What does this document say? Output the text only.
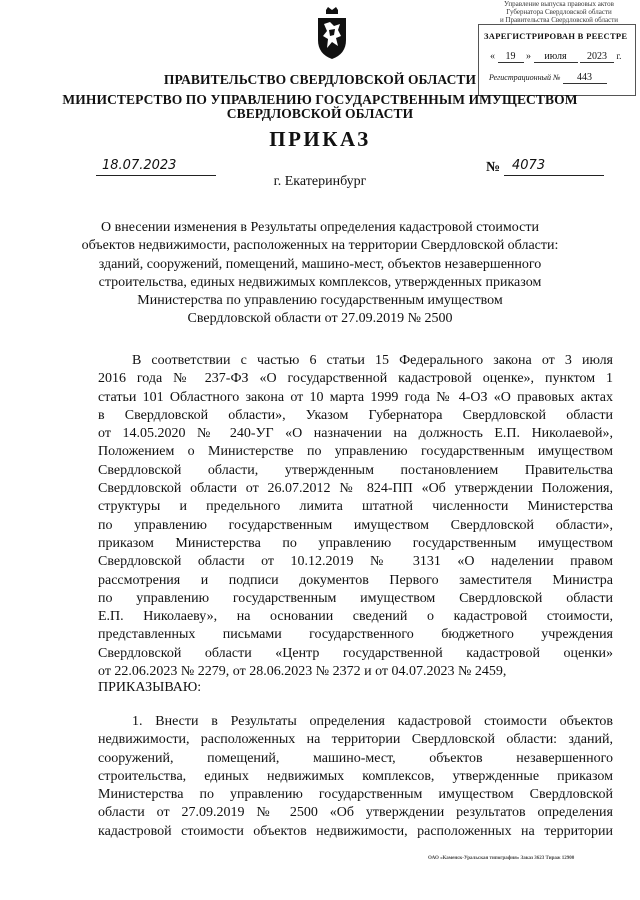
Управление выпуска правовых актов
Губернатора Свердловской области
и Правительства Свердловской области
ЗАРЕГИСТРИРОВАН В РЕЕСТРЕ
« 19 » июля 2023 г.
Регистрационный № 443
ПРАВИТЕЛЬСТВО СВЕРДЛОВСКОЙ ОБЛАСТИ
МИНИСТЕРСТВО ПО УПРАВЛЕНИЮ ГОСУДАРСТВЕННЫМ ИМУЩЕСТВОМ
СВЕРДЛОВСКОЙ ОБЛАСТИ
ПРИКАЗ
18.07.2023	№ 4073
г. Екатеринбург
О внесении изменения в Результаты определения кадастровой стоимости
объектов недвижимости, расположенных на территории Свердловской области:
зданий, сооружений, помещений, машино-мест, объектов незавершенного
строительства, единых недвижимых комплексов, утвержденных приказом
Министерства по управлению государственным имуществом
Свердловской области от 27.09.2019 № 2500
В соответствии с частью 6 статьи 15 Федерального закона от 3 июля
2016 года № 237-ФЗ «О государственной кадастровой оценке», пунктом 1
статьи 101 Областного закона от 10 марта 1999 года № 4-ОЗ «О правовых актах
в Свердловской области», Указом Губернатора Свердловской области
от 14.05.2020 № 240-УГ «О назначении на должность Е.П. Николаевой»,
Положением о Министерстве по управлению государственным имуществом
Свердловской области, утвержденным постановлением Правительства
Свердловской области от 26.07.2012 № 824-ПП «Об утверждении Положения,
структуры и предельного лимита штатной численности Министерства
по управлению государственным имуществом Свердловской области»,
приказом Министерства по управлению государственным имуществом
Свердловской области от 10.12.2019 № 3131 «О наделении правом
рассмотрения и подписи документов Первого заместителя Министра
по управлению государственным имуществом Свердловской области
Е.П. Николаеву», на основании сведений о кадастровой стоимости,
представленных письмами государственного бюджетного учреждения
Свердловской области «Центр государственной кадастровой оценки»
от 22.06.2023 № 2279, от 28.06.2023 № 2372 и от 04.07.2023 № 2459,
ПРИКАЗЫВАЮ:
1. Внести в Результаты определения кадастровой стоимости объектов
недвижимости, расположенных на территории Свердловской области: зданий,
сооружений, помещений, машино-мест, объектов незавершенного
строительства, единых недвижимых комплексов, утвержденные приказом
Министерства по управлению государственным имуществом Свердловской
области от 27.09.2019 № 2500 «Об утверждении результатов определения
кадастровой стоимости объектов недвижимости, расположенных на территории
ОАО «Каменск-Уральская типография» Заказ 3623 Тираж 12900
